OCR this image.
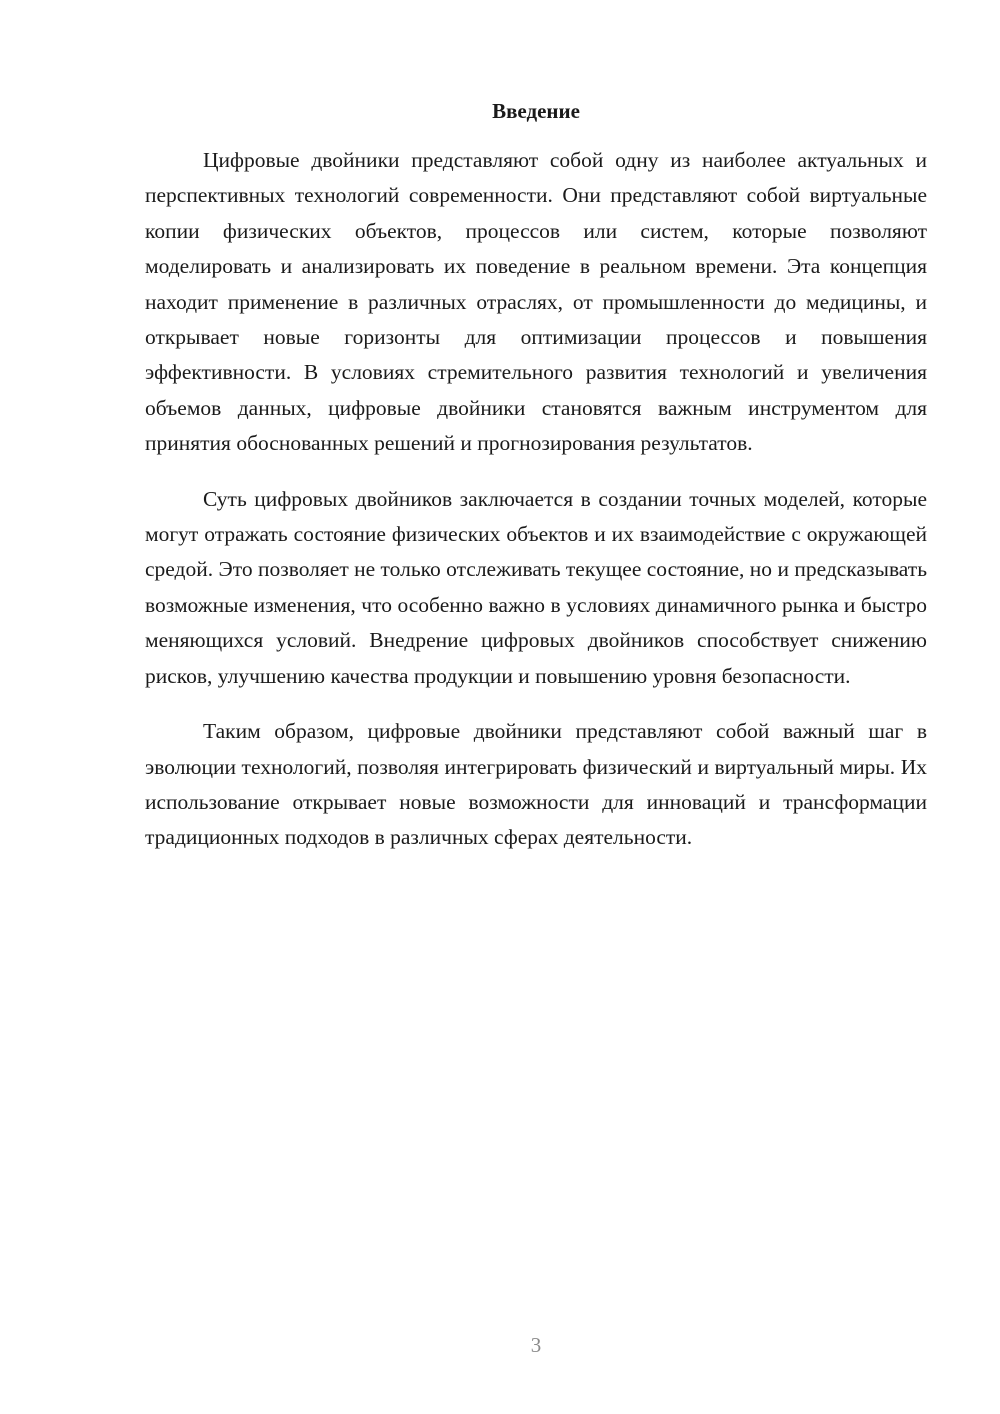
Введение

Цифровые двойники представляют собой одну из наиболее актуальных и перспективных технологий современности. Они представляют собой виртуальные копии физических объектов, процессов или систем, которые позволяют моделировать и анализировать их поведение в реальном времени. Эта концепция находит применение в различных отраслях, от промышленности до медицины, и открывает новые горизонты для оптимизации процессов и повышения эффективности. В условиях стремительного развития технологий и увеличения объемов данных, цифровые двойники становятся важным инструментом для принятия обоснованных решений и прогнозирования результатов.

Суть цифровых двойников заключается в создании точных моделей, которые могут отражать состояние физических объектов и их взаимодействие с окружающей средой. Это позволяет не только отслеживать текущее состояние, но и предсказывать возможные изменения, что особенно важно в условиях динамичного рынка и быстро меняющихся условий. Внедрение цифровых двойников способствует снижению рисков, улучшению качества продукции и повышению уровня безопасности.

Таким образом, цифровые двойники представляют собой важный шаг в эволюции технологий, позволяя интегрировать физический и виртуальный миры. Их использование открывает новые возможности для инноваций и трансформации традиционных подходов в различных сферах деятельности.

3
